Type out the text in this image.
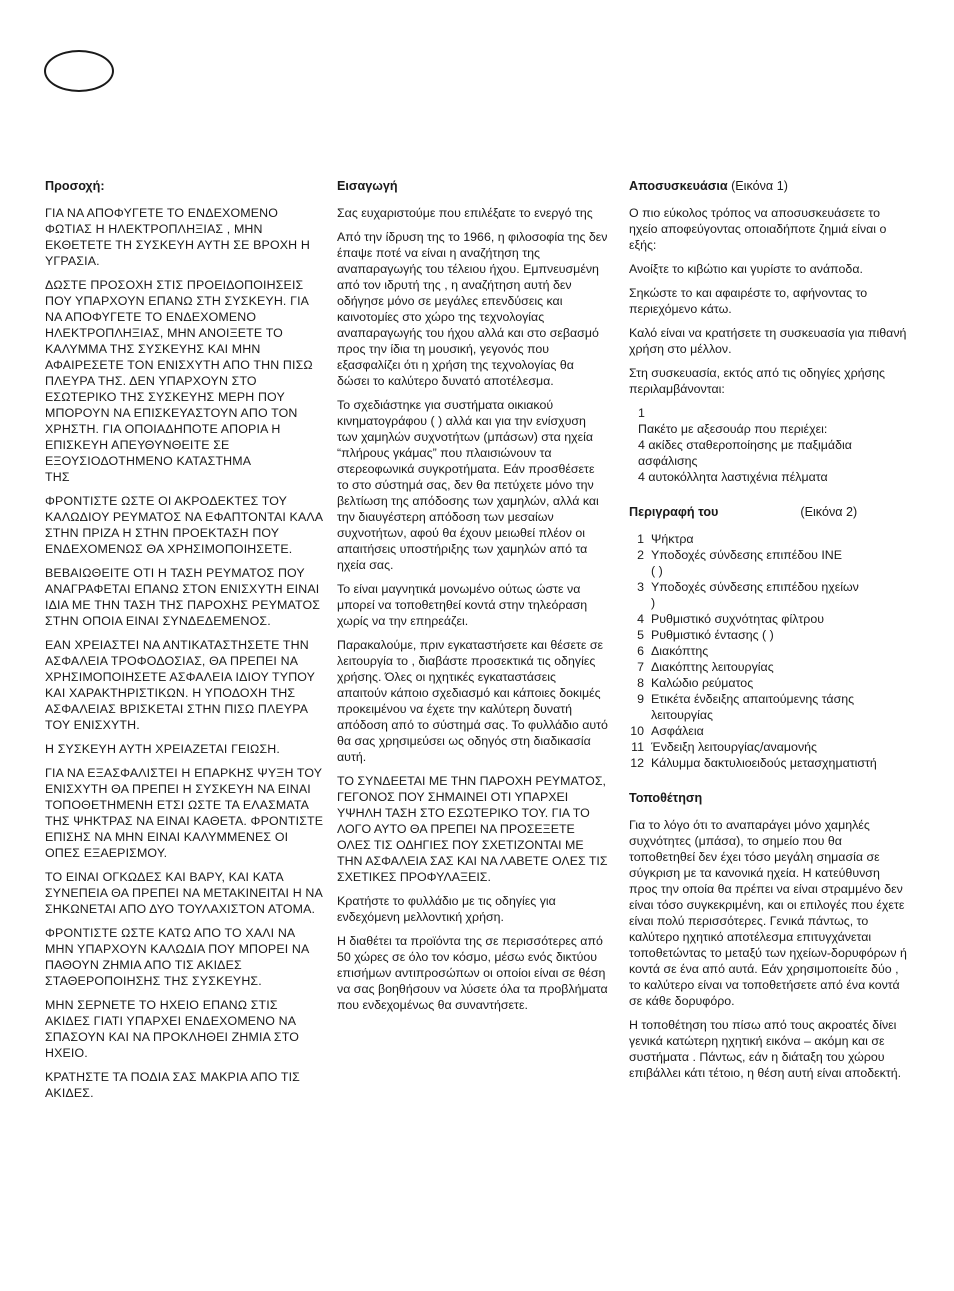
Προσοχή:

ΓΙΑ ΝΑ ΑΠΟΦΥΓΕΤΕ ΤΟ ΕΝΔΕΧΟΜΕΝΟ ΦΩΤΙΑΣ Η ΗΛΕΚΤΡΟΠΛΗΞΙΑΣ , ΜΗΝ ΕΚΘΕΤΕΤΕ ΤΗ ΣΥΣΚΕΥΗ ΑΥΤΗ ΣΕ ΒΡΟΧΗ Η ΥΓΡΑΣΙΑ.

ΔΩΣΤΕ ΠΡΟΣΟΧΗ ΣΤΙΣ ΠΡΟΕΙΔΟΠΟΙΗΣΕΙΣ ΠΟΥ ΥΠΑΡΧΟΥΝ ΕΠΑΝΩ ΣΤΗ ΣΥΣΚΕΥΗ. ΓΙΑ ΝΑ ΑΠΟΦΥΓΕΤΕ ΤΟ ΕΝΔΕΧΟΜΕΝΟ ΗΛΕΚΤΡΟΠΛΗΞΙΑΣ, ΜΗΝ ΑΝΟΙΞΕΤΕ ΤΟ ΚΑΛΥΜΜΑ ΤΗΣ ΣΥΣΚΕΥΗΣ ΚΑΙ ΜΗΝ ΑΦΑΙΡΕΣΕΤΕ ΤΟΝ ΕΝΙΣΧΥΤΗ ΑΠΟ ΤΗΝ ΠΙΣΩ ΠΛΕΥΡΑ ΤΗΣ. ΔΕΝ ΥΠΑΡΧΟΥΝ ΣΤΟ ΕΣΩΤΕΡΙΚΟ ΤΗΣ ΣΥΣΚΕΥΗΣ ΜΕΡΗ ΠΟΥ ΜΠΟΡΟΥΝ ΝΑ ΕΠΙΣΚΕΥΑΣΤΟΥΝ ΑΠΟ ΤΟΝ ΧΡΗΣΤΗ. ΓΙΑ ΟΠΟΙΑΔΗΠΟΤΕ ΑΠΟΡΙΑ Η ΕΠΙΣΚΕΥΗ ΑΠΕΥΘΥΝΘΕΙΤΕ ΣΕ ΕΞΟΥΣΙΟΔΟΤΗΜΕΝΟ ΚΑΤΑΣΤΗΜΑ
ΤΗΣ

ΦΡΟΝΤΙΣΤΕ ΩΣΤΕ ΟΙ ΑΚΡΟΔΕΚΤΕΣ ΤΟΥ ΚΑΛΩΔΙΟΥ ΡΕΥΜΑΤΟΣ ΝΑ ΕΦΑΠΤΟΝΤΑΙ ΚΑΛΑ ΣΤΗΝ ΠΡΙΖΑ Η ΣΤΗΝ ΠΡΟΕΚΤΑΣΗ ΠΟΥ ΕΝΔΕΧΟΜΕΝΩΣ ΘΑ ΧΡΗΣΙΜΟΠΟΙΗΣΕΤΕ.

ΒΕΒΑΙΩΘΕΙΤΕ ΟΤΙ Η ΤΑΣΗ ΡΕΥΜΑΤΟΣ ΠΟΥ ΑΝΑΓΡΑΦΕΤΑΙ ΕΠΑΝΩ ΣΤΟΝ ΕΝΙΣΧΥΤΗ ΕΙΝΑΙ ΙΔΙΑ ΜΕ ΤΗΝ ΤΑΣΗ ΤΗΣ ΠΑΡΟΧΗΣ ΡΕΥΜΑΤΟΣ ΣΤΗΝ ΟΠΟΙΑ ΕΙΝΑΙ ΣΥΝΔΕΔΕΜΕΝΟΣ.

ΕΑΝ ΧΡΕΙΑΣΤΕΙ ΝΑ ΑΝΤΙΚΑΤΑΣΤΗΣΕΤΕ ΤΗΝ ΑΣΦΑΛΕΙΑ ΤΡΟΦΟΔΟΣΙΑΣ, ΘΑ ΠΡΕΠΕΙ ΝΑ ΧΡΗΣΙΜΟΠΟΙΗΣΕΤΕ ΑΣΦΑΛΕΙΑ ΙΔΙΟΥ ΤΥΠΟΥ ΚΑΙ ΧΑΡΑΚΤΗΡΙΣΤΙΚΩΝ. Η ΥΠΟΔΟΧΗ ΤΗΣ ΑΣΦΑΛΕΙΑΣ ΒΡΙΣΚΕΤΑΙ ΣΤΗΝ ΠΙΣΩ ΠΛΕΥΡΑ ΤΟΥ ΕΝΙΣΧΥΤΗ.

Η ΣΥΣΚΕΥΗ ΑΥΤΗ ΧΡΕΙΑΖΕΤΑΙ ΓΕΙΩΣΗ.

ΓΙΑ ΝΑ ΕΞΑΣΦΑΛΙΣΤΕΙ Η ΕΠΑΡΚΗΣ ΨΥΞΗ ΤΟΥ ΕΝΙΣΧΥΤΗ ΘΑ ΠΡΕΠΕΙ Η ΣΥΣΚΕΥΗ ΝΑ ΕΙΝΑΙ ΤΟΠΟΘΕΤΗΜΕΝΗ ΕΤΣΙ ΩΣΤΕ ΤΑ ΕΛΑΣΜΑΤΑ ΤΗΣ ΨΗΚΤΡΑΣ ΝΑ ΕΙΝΑΙ ΚΑΘΕΤΑ. ΦΡΟΝΤΙΣΤΕ ΕΠΙΣΗΣ ΝΑ ΜΗΝ ΕΙΝΑΙ ΚΑΛΥΜΜΕΝΕΣ ΟΙ ΟΠΕΣ ΕΞΑΕΡΙΣΜΟΥ.

ΤΟ ΕΙΝΑΙ ΟΓΚΩΔΕΣ ΚΑΙ ΒΑΡΥ, ΚΑΙ ΚΑΤΑ ΣΥΝΕΠΕΙΑ ΘΑ ΠΡΕΠΕΙ ΝΑ ΜΕΤΑΚΙΝΕΙΤΑΙ Η ΝΑ ΣΗΚΩΝΕΤΑΙ ΑΠΟ ΔΥΟ ΤΟΥΛΑΧΙΣΤΟΝ ΑΤΟΜΑ.

ΦΡΟΝΤΙΣΤΕ ΩΣΤΕ ΚΑΤΩ ΑΠΟ ΤΟ ΧΑΛΙ ΝΑ ΜΗΝ ΥΠΑΡΧΟΥΝ ΚΑΛΩΔΙΑ ΠΟΥ ΜΠΟΡΕΙ ΝΑ ΠΑΘΟΥΝ ΖΗΜΙΑ ΑΠΟ ΤΙΣ ΑΚΙΔΕΣ ΣΤΑΘΕΡΟΠΟΙΗΣΗΣ ΤΗΣ ΣΥΣΚΕΥΗΣ.

ΜΗΝ ΣΕΡΝΕΤΕ ΤΟ ΗΧΕΙΟ ΕΠΑΝΩ ΣΤΙΣ ΑΚΙΔΕΣ ΓΙΑΤΙ ΥΠΑΡΧΕΙ ΕΝΔΕΧΟΜΕΝΟ ΝΑ ΣΠΑΣΟΥΝ ΚΑΙ ΝΑ ΠΡΟΚΛΗΘΕΙ ΖΗΜΙΑ ΣΤΟ ΗΧΕΙΟ.

ΚΡΑΤΗΣΤΕ ΤΑ ΠΟΔΙΑ ΣΑΣ ΜΑΚΡΙΑ ΑΠΟ ΤΙΣ ΑΚΙΔΕΣ.

Εισαγωγή

Σας ευχαριστούμε που επιλέξατε το ενεργό της

Από την ίδρυση της το 1966, η φιλοσοφία της δεν έπαψε ποτέ να είναι η αναζήτηση της αναπαραγωγής του τέλειου ήχου. Εμπνευσμένη από τον ιδρυτή της , η αναζήτηση αυτή δεν οδήγησε μόνο σε μεγάλες επενδύσεις και καινοτομίες στο χώρο της τεχνολογίας αναπαραγωγής του ήχου αλλά και στο σεβασμό προς την ίδια τη μουσική, γεγονός που εξασφαλίζει ότι η χρήση της τεχνολογίας θα δώσει το καλύτερο δυνατό αποτέλεσμα.

Το σχεδιάστηκε για συστήματα οικιακού κινηματογράφου ( ) αλλά και για την ενίσχυση των χαμηλών συχνοτήτων (μπάσων) στα ηχεία “πλήρους γκάμας” που πλαισιώνουν τα στερεοφωνικά συγκροτήματα. Εάν προσθέσετε το στο σύστημά σας, δεν θα πετύχετε μόνο την βελτίωση της απόδοσης των χαμηλών, αλλά και την διαυγέστερη απόδοση των μεσαίων συχνοτήτων, αφού θα έχουν μειωθεί πλέον οι απαιτήσεις υποστήριξης των χαμηλών από τα ηχεία σας.

Το είναι μαγνητικά μονωμένο ούτως ώστε να μπορεί να τοποθετηθεί κοντά στην τηλεόραση χωρίς να την επηρεάζει.

Παρακαλούμε, πριν εγκαταστήσετε και θέσετε σε λειτουργία το , διαβάστε προσεκτικά τις οδηγίες χρήσης. Όλες οι ηχητικές εγκαταστάσεις απαιτούν κάποιο σχεδιασμό και κάποιες δοκιμές προκειμένου να έχετε την καλύτερη δυνατή απόδοση από το σύστημά σας. Το φυλλάδιο αυτό θα σας χρησιμεύσει ως οδηγός στη διαδικασία αυτή.

ΤΟ ΣΥΝΔΕΕΤΑΙ ΜΕ ΤΗΝ ΠΑΡΟΧΗ ΡΕΥΜΑΤΟΣ, ΓΕΓΟΝΟΣ ΠΟΥ ΣΗΜΑΙΝΕΙ ΟΤΙ ΥΠΑΡΧΕΙ ΥΨΗΛΗ ΤΑΣΗ ΣΤΟ ΕΣΩΤΕΡΙΚΟ ΤΟΥ. ΓΙΑ ΤΟ ΛΟΓΟ ΑΥΤΟ ΘΑ ΠΡΕΠΕΙ ΝΑ ΠΡΟΣΕΞΕΤΕ ΟΛΕΣ ΤΙΣ ΟΔΗΓΙΕΣ ΠΟΥ ΣΧΕΤΙΖΟΝΤΑΙ ΜΕ ΤΗΝ ΑΣΦΑΛΕΙΑ ΣΑΣ ΚΑΙ ΝΑ ΛΑΒΕΤΕ ΟΛΕΣ ΤΙΣ ΣΧΕΤΙΚΕΣ ΠΡΟΦΥΛΑΞΕΙΣ.

Κρατήστε το φυλλάδιο με τις οδηγίες για ενδεχόμενη μελλοντική χρήση.

Η διαθέτει τα προϊόντα της σε περισσότερες από 50 χώρες σε όλο τον κόσμο, μέσω ενός δικτύου επισήμων αντιπροσώπων οι οποίοι είναι σε θέση να σας βοηθήσουν να λύσετε όλα τα προβλήματα που ενδεχομένως θα συναντήσετε.

Αποσυσκευάσια (Εικόνα 1)

Ο πιο εύκολος τρόπος να αποσυσκευάσετε το ηχείο αποφεύγοντας οποιαδήποτε ζημιά είναι ο εξής:

Ανοίξτε το κιβώτιο και γυρίστε το ανάποδα.

Σηκώστε το και αφαιρέστε το, αφήνοντας το περιεχόμενο κάτω.

Καλό είναι να κρατήσετε τη συσκευασία για πιθανή χρήση στο μέλλον.

Στη συσκευασία, εκτός από τις οδηγίες χρήσης περιλαμβάνονται:

1
Πακέτο με αξεσουάρ που περιέχει:
4 ακίδες σταθεροποίησης με παξιμάδια ασφάλισης
4 αυτοκόλλητα λαστιχένια πέλματα
Περιγραφή του	(Εικόνα 2)
1 Ψήκτρα
2 Υποδοχές σύνδεσης επιπέδου INE
( )
3 Υποδοχές σύνδεσης επιπέδου ηχείων
)
4 Ρυθμιστικό συχνότητας φίλτρου

5 Ρυθμιστικό έντασης ( )
6 Διακόπτης
7 Διακόπτης λειτουργίας
8 Καλώδιο ρεύματος
9 Ετικέτα ένδειξης απαιτούμενης τάσης λειτουργίας
10 Ασφάλεια
11 Ένδειξη λειτουργίας/αναμονής
12 Κάλυμμα δακτυλιοειδούς μετασχηματιστή
Τοποθέτηση

Για το λόγο ότι το αναπαράγει μόνο χαμηλές συχνότητες (μπάσα), το σημείο που θα τοποθετηθεί δεν έχει τόσο μεγάλη σημασία σε σύγκριση με τα κανονικά ηχεία. Η κατεύθυνση προς την οποία θα πρέπει να είναι στραμμένο δεν είναι τόσο συγκεκριμένη, και οι επιλογές που έχετε είναι πολύ περισσότερες. Γενικά πάντως, το καλύτερο ηχητικό αποτέλεσμα επιτυγχάνεται τοποθετώντας το μεταξύ των ηχείων-δορυφόρων ή κοντά σε ένα από αυτά. Εάν χρησιμοποιείτε δύο , το καλύτερο είναι να τοποθετήσετε από ένα κοντά σε κάθε δορυφόρο.

Η τοποθέτηση του πίσω από τους ακροατές δίνει γενικά κατώτερη ηχητική εικόνα – ακόμη και σε συστήματα . Πάντως, εάν η διάταξη του χώρου επιβάλλει κάτι τέτοιο, η θέση αυτή είναι αποδεκτή.
